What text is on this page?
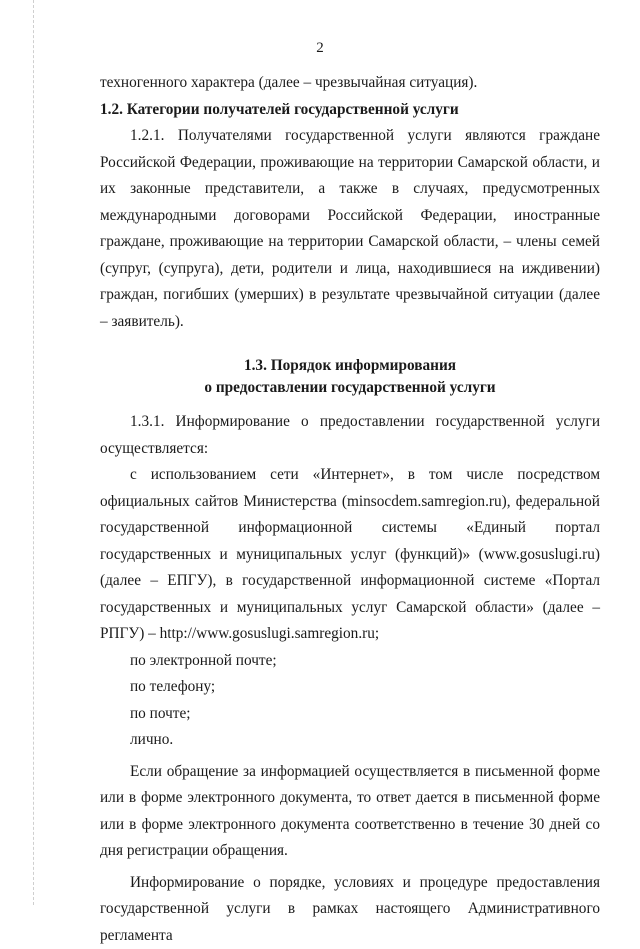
2

техногенного характера (далее – чрезвычайная ситуация).

1.2. Категории получателей государственной услуги

1.2.1. Получателями государственной услуги являются граждане Российской Федерации, проживающие на территории Самарской области, и их законные представители, а также в случаях, предусмотренных международными договорами Российской Федерации, иностранные граждане, проживающие на территории Самарской области, – члены семей (супруг, (супруга), дети, родители и лица, находившиеся на иждивении) граждан, погибших (умерших) в результате чрезвычайной ситуации (далее – заявитель).

1.3. Порядок информирования
о предоставлении государственной услуги

1.3.1. Информирование о предоставлении государственной услуги осуществляется:

с использованием сети «Интернет», в том числе посредством официальных сайтов Министерства (minsocdem.samregion.ru), федеральной государственной информационной системы «Единый портал государственных и муниципальных услуг (функций)» (www.gosuslugi.ru) (далее – ЕПГУ), в государственной информационной системе «Портал государственных и муниципальных услуг Самарской области» (далее – РПГУ) – http://www.gosuslugi.samregion.ru;

по электронной почте;

по телефону;

по почте;

лично.

Если обращение за информацией осуществляется в письменной форме или в форме электронного документа, то ответ дается в письменной форме или в форме электронного документа соответственно в течение 30 дней со дня регистрации обращения.

Информирование о порядке, условиях и процедуре предоставления государственной услуги в рамках настоящего Административного регламента
